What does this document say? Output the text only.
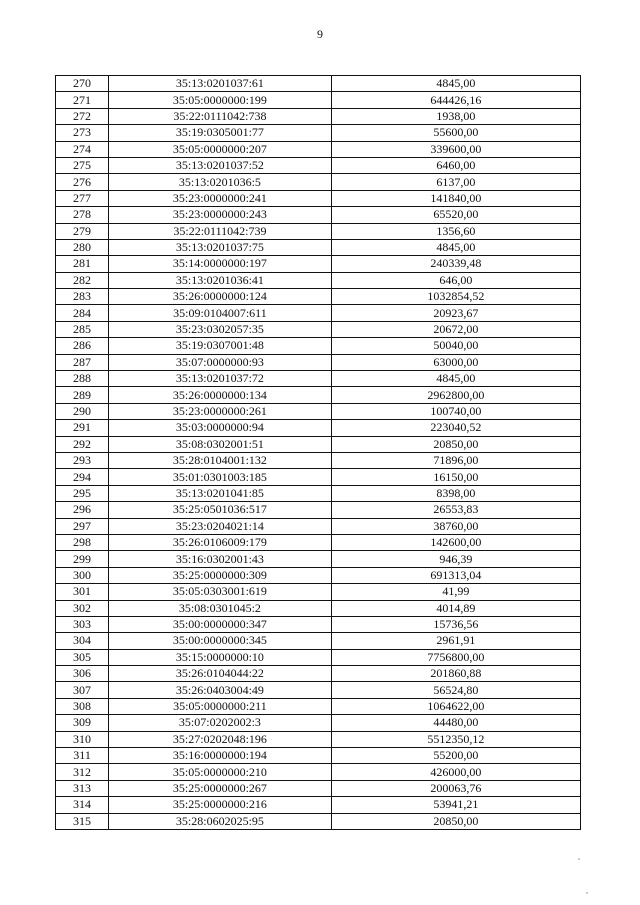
9
270	35:13:0201037:61	4845,00
271	35:05:0000000:199	644426,16
272	35:22:0111042:738	1938,00
273	35:19:0305001:77	55600,00
274	35:05:0000000:207	339600,00
275	35:13:0201037:52	6460,00
276	35:13:0201036:5	6137,00
277	35:23:0000000:241	141840,00
278	35:23:0000000:243	65520,00
279	35:22:0111042:739	1356,60
280	35:13:0201037:75	4845,00
281	35:14:0000000:197	240339,48
282	35:13:0201036:41	646,00
283	35:26:0000000:124	1032854,52
284	35:09:0104007:611	20923,67
285	35:23:0302057:35	20672,00
286	35:19:0307001:48	50040,00
287	35:07:0000000:93	63000,00
288	35:13:0201037:72	4845,00
289	35:26:0000000:134	2962800,00
290	35:23:0000000:261	100740,00
291	35:03:0000000:94	223040,52
292	35:08:0302001:51	20850,00
293	35:28:0104001:132	71896,00
294	35:01:0301003:185	16150,00
295	35:13:0201041:85	8398,00
296	35:25:0501036:517	26553,83
297	35:23:0204021:14	38760,00
298	35:26:0106009:179	142600,00
299	35:16:0302001:43	946,39
300	35:25:0000000:309	691313,04
301	35:05:0303001:619	41,99
302	35:08:0301045:2	4014,89
303	35:00:0000000:347	15736,56
304	35:00:0000000:345	2961,91
305	35:15:0000000:10	7756800,00
306	35:26:0104044:22	201860,88
307	35:26:0403004:49	56524,80
308	35:05:0000000:211	1064622,00
309	35:07:0202002:3	44480,00
310	35:27:0202048:196	5512350,12
311	35:16:0000000:194	55200,00
312	35:05:0000000:210	426000,00
313	35:25:0000000:267	200063,76
314	35:25:0000000:216	53941,21
315	35:28:0602025:95	20850,00
